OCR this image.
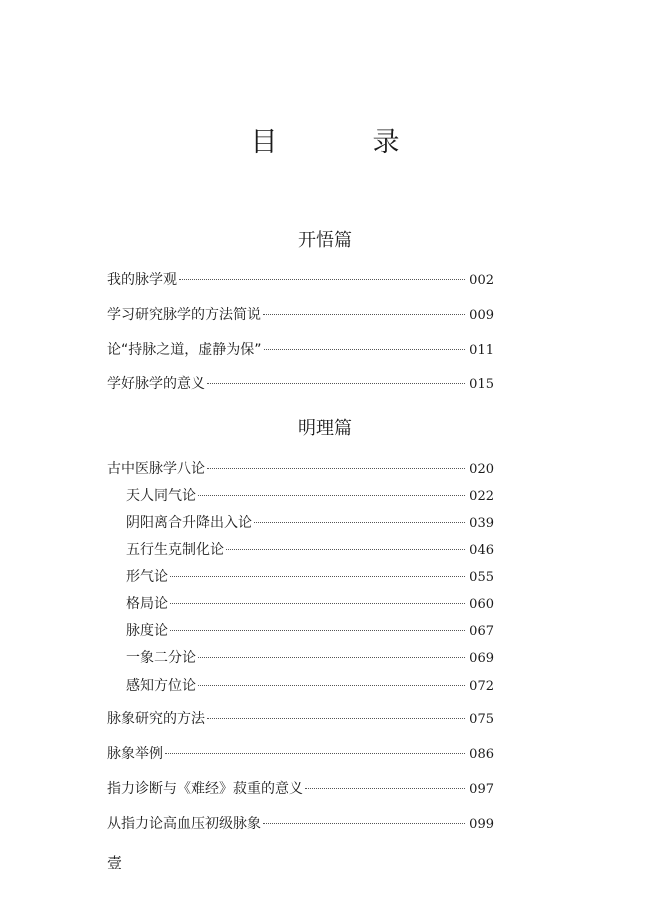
目　录
开悟篇
我的脉学观	002
学习研究脉学的方法简说	009
论“持脉之道，虚静为保”	011
学好脉学的意义	015
明理篇
古中医脉学八论	020
天人同气论	022
阴阳离合升降出入论	039
五行生克制化论	046
形气论	055
格局论	060
脉度论	067
一象二分论	069
感知方位论	072
脉象研究的方法	075
脉象举例	086
指力诊断与《难经》菽重的意义	097
从指力论高血压初级脉象	099
壹
